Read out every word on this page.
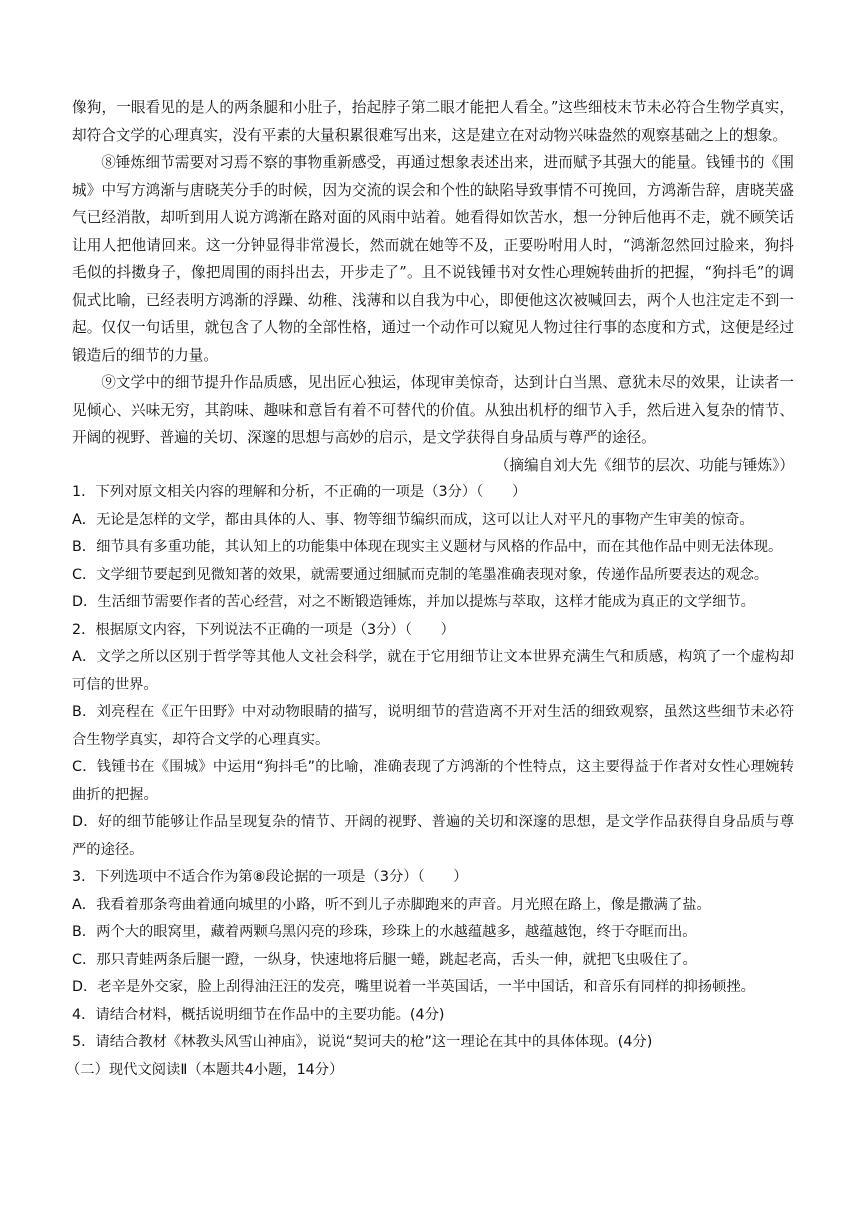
像狗，一眼看见的是人的两条腿和小肚子，抬起脖子第二眼才能把人看全。”这些细枝末节未必符合生物学真实，却符合文学的心理真实，没有平素的大量积累很难写出来，这是建立在对动物兴味盎然的观察基础之上的想象。

⑧锤炼细节需要对习焉不察的事物重新感受，再通过想象表述出来，进而赋予其强大的能量。钱锺书的《围城》中写方鸿渐与唐晓芙分手的时候，因为交流的误会和个性的缺陷导致事情不可挽回，方鸿渐告辞，唐晓芙盛气已经消散，却听到用人说方鸿渐在路对面的风雨中站着。她看得如饮苦水，想一分钟后他再不走，就不顾笑话让用人把他请回来。这一分钟显得非常漫长，然而就在她等不及，正要吩咐用人时，“鸿渐忽然回过脸来，狗抖毛似的抖擞身子，像把周围的雨抖出去，开步走了”。且不说钱锺书对女性心理婉转曲折的把握，“狗抖毛”的调侃式比喻，已经表明方鸿渐的浮躁、幼稚、浅薄和以自我为中心，即便他这次被喊回去，两个人也注定走不到一起。仅仅一句话里，就包含了人物的全部性格，通过一个动作可以窥见人物过往行事的态度和方式，这便是经过锻造后的细节的力量。

⑨文学中的细节提升作品质感，见出匠心独运，体现审美惊奇，达到计白当黑、意犹未尽的效果，让读者一见倾心、兴味无穷，其韵味、趣味和意旨有着不可替代的价值。从独出机杼的细节入手，然后进入复杂的情节、开阔的视野、普遍的关切、深邃的思想与高妙的启示，是文学获得自身品质与尊严的途径。

（摘编自刘大先《细节的层次、功能与锤炼》）

1．下列对原文相关内容的理解和分析，不正确的一项是（3分）（　　）

A．无论是怎样的文学，都由具体的人、事、物等细节编织而成，这可以让人对平凡的事物产生审美的惊奇。

B．细节具有多重功能，其认知上的功能集中体现在现实主义题材与风格的作品中，而在其他作品中则无法体现。

C．文学细节要起到见微知著的效果，就需要通过细腻而克制的笔墨准确表现对象，传递作品所要表达的观念。

D．生活细节需要作者的苦心经营，对之不断锻造锤炼，并加以提炼与萃取，这样才能成为真正的文学细节。

2．根据原文内容，下列说法不正确的一项是（3分）（　　）

A．文学之所以区别于哲学等其他人文社会科学，就在于它用细节让文本世界充满生气和质感，构筑了一个虚构却可信的世界。

B．刘亮程在《正午田野》中对动物眼睛的描写，说明细节的营造离不开对生活的细致观察，虽然这些细节未必符合生物学真实，却符合文学的心理真实。

C．钱锺书在《围城》中运用“狗抖毛”的比喻，准确表现了方鸿渐的个性特点，这主要得益于作者对女性心理婉转曲折的把握。

D．好的细节能够让作品呈现复杂的情节、开阔的视野、普遍的关切和深邃的思想，是文学作品获得自身品质与尊严的途径。

3．下列选项中不适合作为第⑧段论据的一项是（3分）（　　）

A．我看着那条弯曲着通向城里的小路，听不到儿子赤脚跑来的声音。月光照在路上，像是撒满了盐。

B．两个大的眼窝里，藏着两颗乌黑闪亮的珍珠，珍珠上的水越蕴越多，越蕴越饱，终于夺眶而出。

C．那只青蛙两条后腿一蹬，一纵身，快速地将后腿一蜷，跳起老高，舌头一伸，就把飞虫吸住了。

D．老辛是外交家，脸上刮得油汪汪的发亮，嘴里说着一半英国话，一半中国话，和音乐有同样的抑扬顿挫。

4．请结合材料，概括说明细节在作品中的主要功能。(4分)

5．请结合教材《林教头风雪山神庙》，说说“契诃夫的枪”这一理论在其中的具体体现。(4分)

（二）现代文阅读Ⅱ（本题共4小题，14分）
